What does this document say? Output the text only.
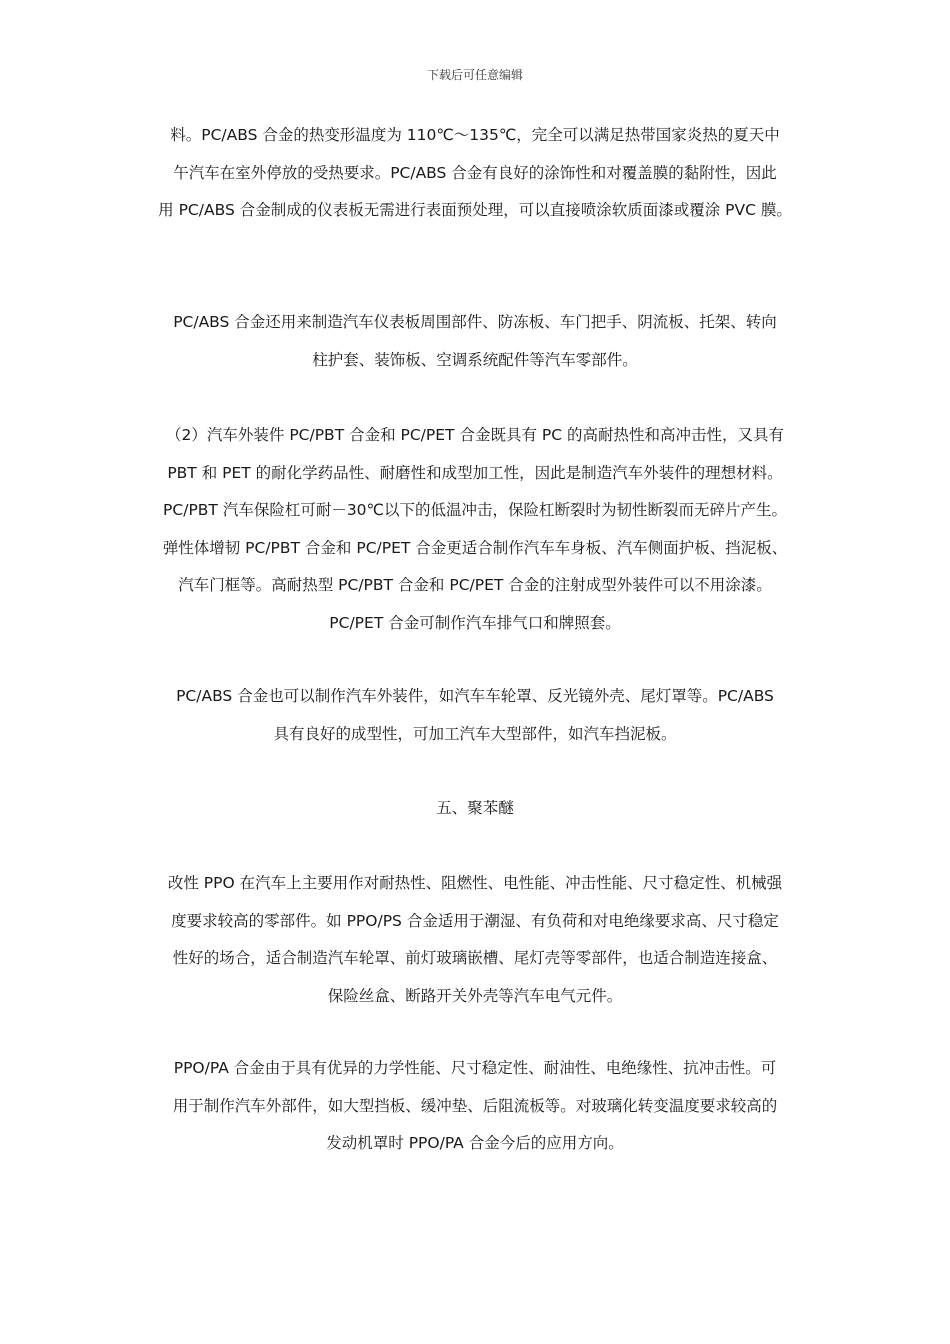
下载后可任意编辑
料。PC/ABS 合金的热变形温度为 110℃～135℃，完全可以满足热带国家炎热的夏天中
午汽车在室外停放的受热要求。PC/ABS 合金有良好的涂饰性和对覆盖膜的黏附性，因此
用 PC/ABS 合金制成的仪表板无需进行表面预处理，可以直接喷涂软质面漆或覆涂 PVC 膜。
PC/ABS 合金还用来制造汽车仪表板周围部件、防冻板、车门把手、阴流板、托架、转向
柱护套、装饰板、空调系统配件等汽车零部件。
（2）汽车外装件 PC/PBT 合金和 PC/PET 合金既具有 PC 的高耐热性和高冲击性，又具有
PBT 和 PET 的耐化学药品性、耐磨性和成型加工性，因此是制造汽车外装件的理想材料。
PC/PBT 汽车保险杠可耐－30℃以下的低温冲击，保险杠断裂时为韧性断裂而无碎片产生。
弹性体增韧 PC/PBT 合金和 PC/PET 合金更适合制作汽车车身板、汽车侧面护板、挡泥板、
汽车门框等。高耐热型 PC/PBT 合金和 PC/PET 合金的注射成型外装件可以不用涂漆。
PC/PET 合金可制作汽车排气口和牌照套。
PC/ABS 合金也可以制作汽车外装件，如汽车车轮罩、反光镜外壳、尾灯罩等。PC/ABS
具有良好的成型性，可加工汽车大型部件，如汽车挡泥板。
五、聚苯醚
改性 PPO 在汽车上主要用作对耐热性、阻燃性、电性能、冲击性能、尺寸稳定性、机械强
度要求较高的零部件。如 PPO/PS 合金适用于潮湿、有负荷和对电绝缘要求高、尺寸稳定
性好的场合，适合制造汽车轮罩、前灯玻璃嵌槽、尾灯壳等零部件，也适合制造连接盒、
保险丝盒、断路开关外壳等汽车电气元件。
PPO/PA 合金由于具有优异的力学性能、尺寸稳定性、耐油性、电绝缘性、抗冲击性。可
用于制作汽车外部件，如大型挡板、缓冲垫、后阻流板等。对玻璃化转变温度要求较高的
发动机罩时 PPO/PA 合金今后的应用方向。
